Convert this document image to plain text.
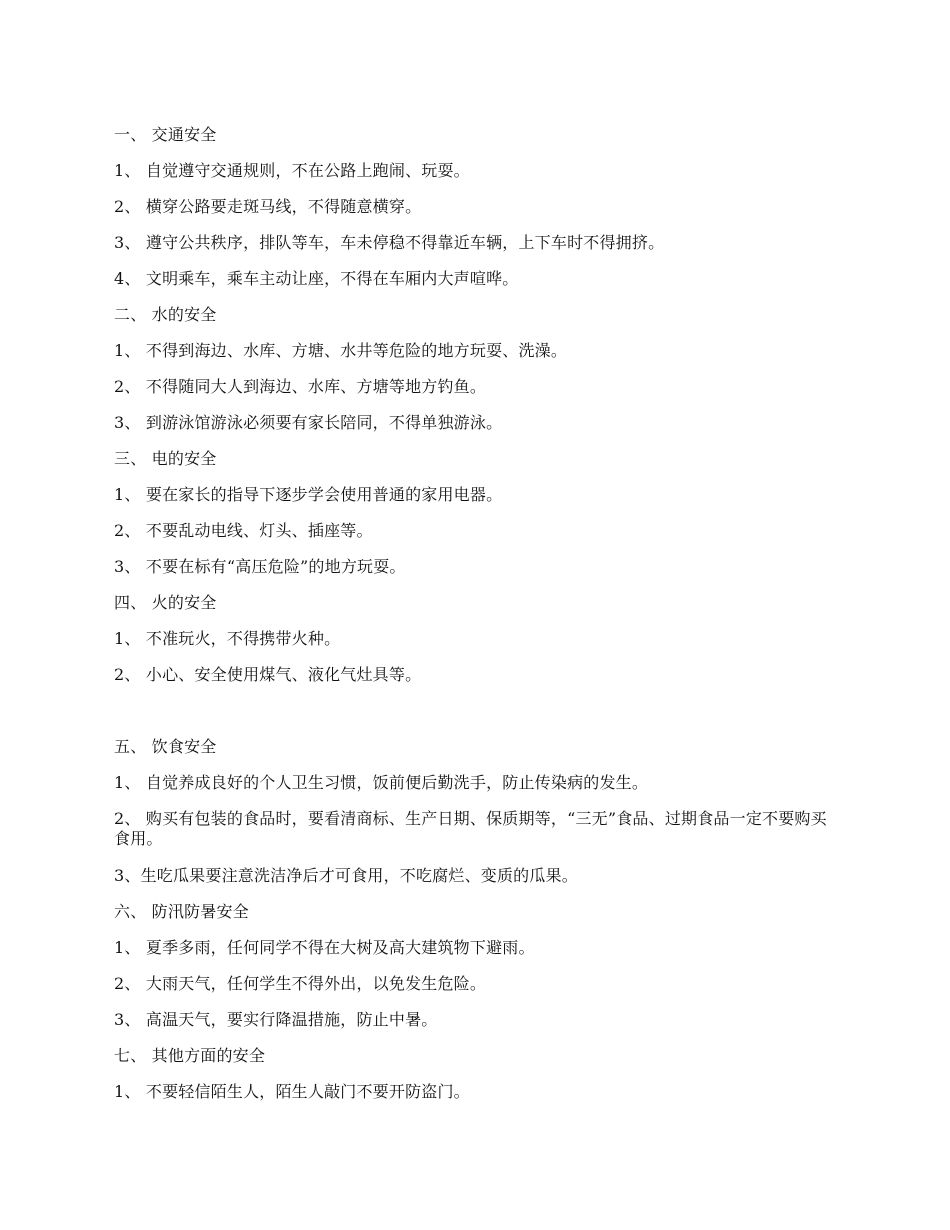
一、 交通安全
1、 自觉遵守交通规则，不在公路上跑闹、玩耍。
2、 横穿公路要走斑马线，不得随意横穿。
3、 遵守公共秩序，排队等车，车未停稳不得靠近车辆，上下车时不得拥挤。
4、 文明乘车，乘车主动让座，不得在车厢内大声喧哗。
二、 水的安全
1、 不得到海边、水库、方塘、水井等危险的地方玩耍、洗澡。
2、 不得随同大人到海边、水库、方塘等地方钓鱼。
3、 到游泳馆游泳必须要有家长陪同，不得单独游泳。
三、 电的安全
1、 要在家长的指导下逐步学会使用普通的家用电器。
2、 不要乱动电线、灯头、插座等。
3、 不要在标有“高压危险”的地方玩耍。
四、 火的安全
1、 不准玩火，不得携带火种。
2、 小心、安全使用煤气、液化气灶具等。
五、 饮食安全
1、 自觉养成良好的个人卫生习惯，饭前便后勤洗手，防止传染病的发生。
2、 购买有包装的食品时，要看清商标、生产日期、保质期等，“三无”食品、过期食品一定不要购买食用。
3、生吃瓜果要注意洗洁净后才可食用，不吃腐烂、变质的瓜果。
六、 防汛防暑安全
1、 夏季多雨，任何同学不得在大树及高大建筑物下避雨。
2、 大雨天气，任何学生不得外出，以免发生危险。
3、 高温天气，要实行降温措施，防止中暑。
七、 其他方面的安全
1、 不要轻信陌生人，陌生人敲门不要开防盗门。
